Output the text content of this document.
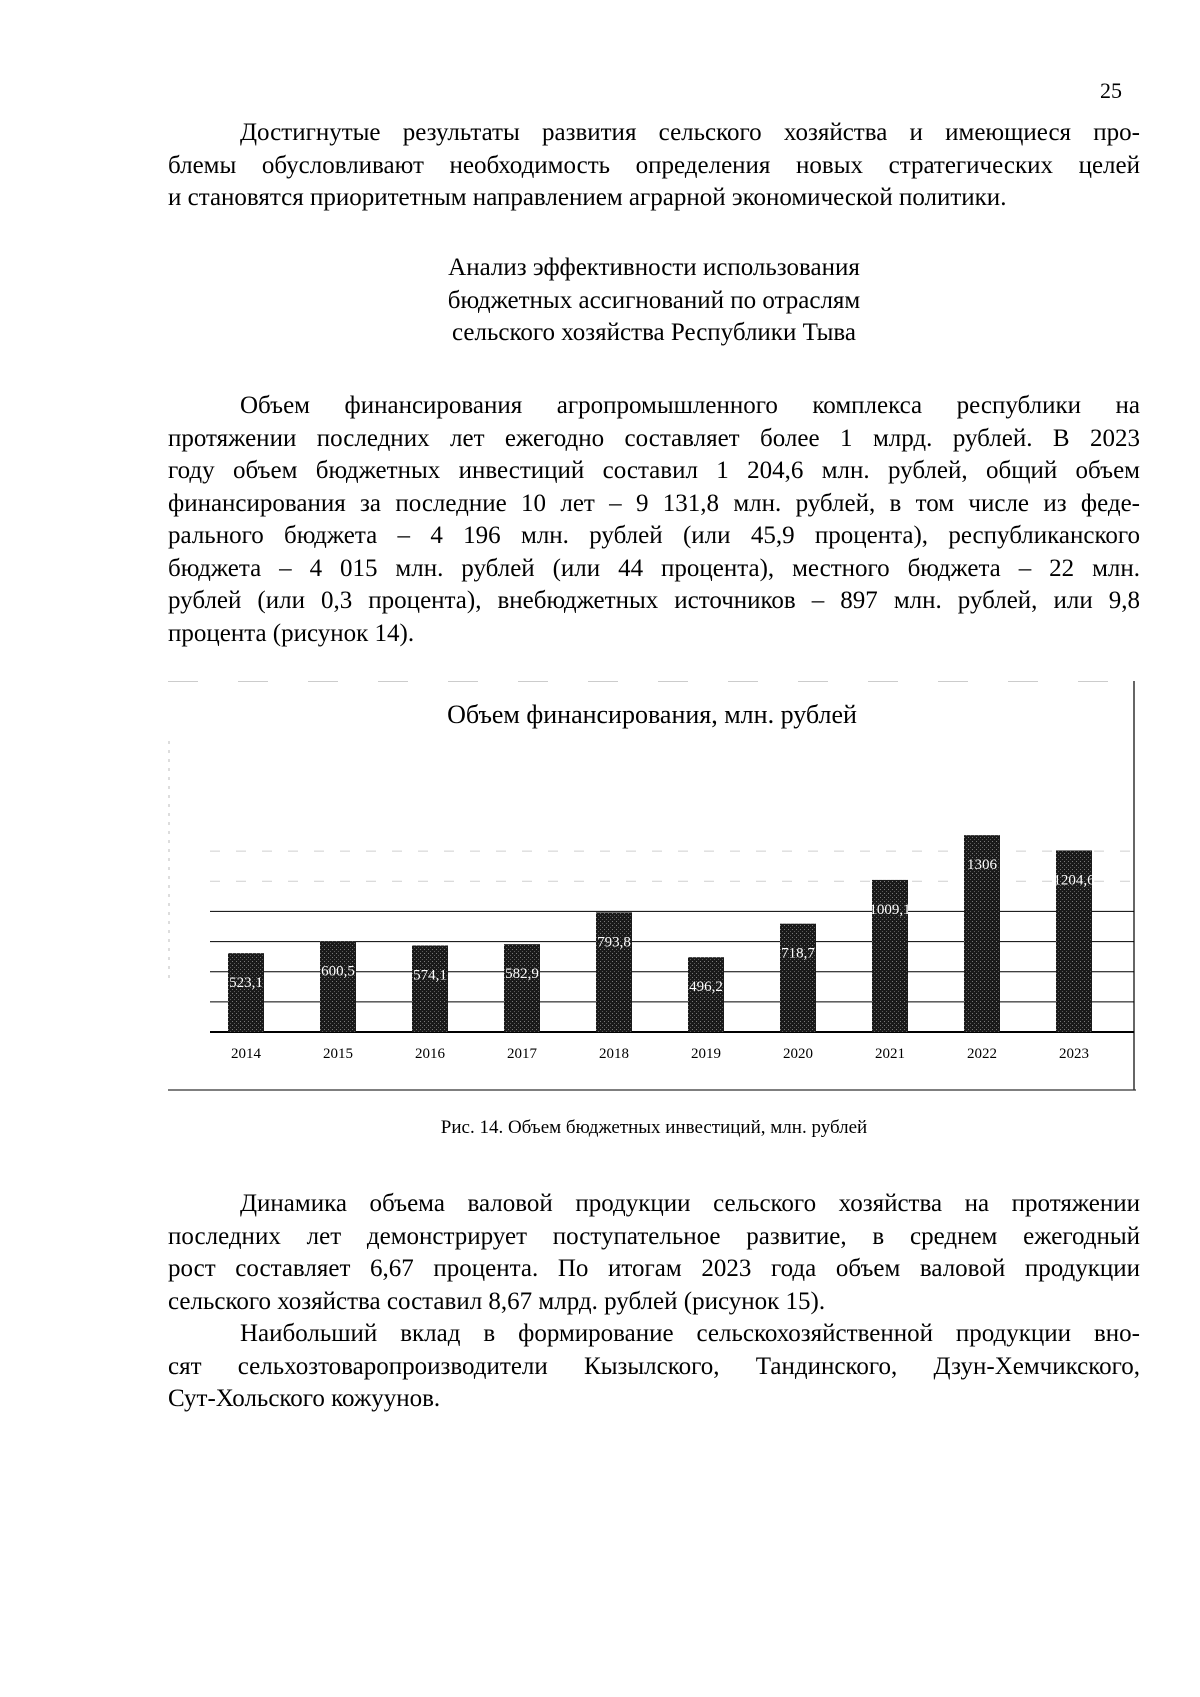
25

Достигнутые результаты развития сельского хозяйства и имеющиеся про-
блемы обусловливают необходимость определения новых стратегических целей
и становятся приоритетным направлением аграрной экономической политики.

Анализ эффективности использования
бюджетных ассигнований по отраслям
сельского хозяйства Республики Тыва

Объем финансирования агропромышленного комплекса республики на
протяжении последних лет ежегодно составляет более 1 млрд. рублей. В 2023
году объем бюджетных инвестиций составил 1 204,6 млн. рублей, общий объем
финансирования за последние 10 лет – 9 131,8 млн. рублей, в том числе из феде-
рального бюджета – 4 196 млн. рублей (или 45,9 процента), республиканского
бюджета – 4 015 млн. рублей (или 44 процента), местного бюджета – 22 млн.
рублей (или 0,3 процента), внебюджетных источников – 897 млн. рублей, или 9,8
процента (рисунок 14).

Объем финансирования, млн. рублей
523,1
600,5	574,1	582,9
793,8
496,2
718,7
1009,1
1306
1204,6
2014	2015	2016	2017	2018	2019	2020	2021	2022	2023
Рис. 14. Объем бюджетных инвестиций, млн. рублей

Динамика объема валовой продукции сельского хозяйства на протяжении
последних лет демонстрирует поступательное развитие, в среднем ежегодный
рост составляет 6,67 процента. По итогам 2023 года объем валовой продукции
сельского хозяйства составил 8,67 млрд. рублей (рисунок 15).

Наибольший вклад в формирование сельскохозяйственной продукции вно-
сят сельхозтоваропроизводители Кызылского, Тандинского, Дзун-Хемчикского,
Сут-Хольского кожуунов.
